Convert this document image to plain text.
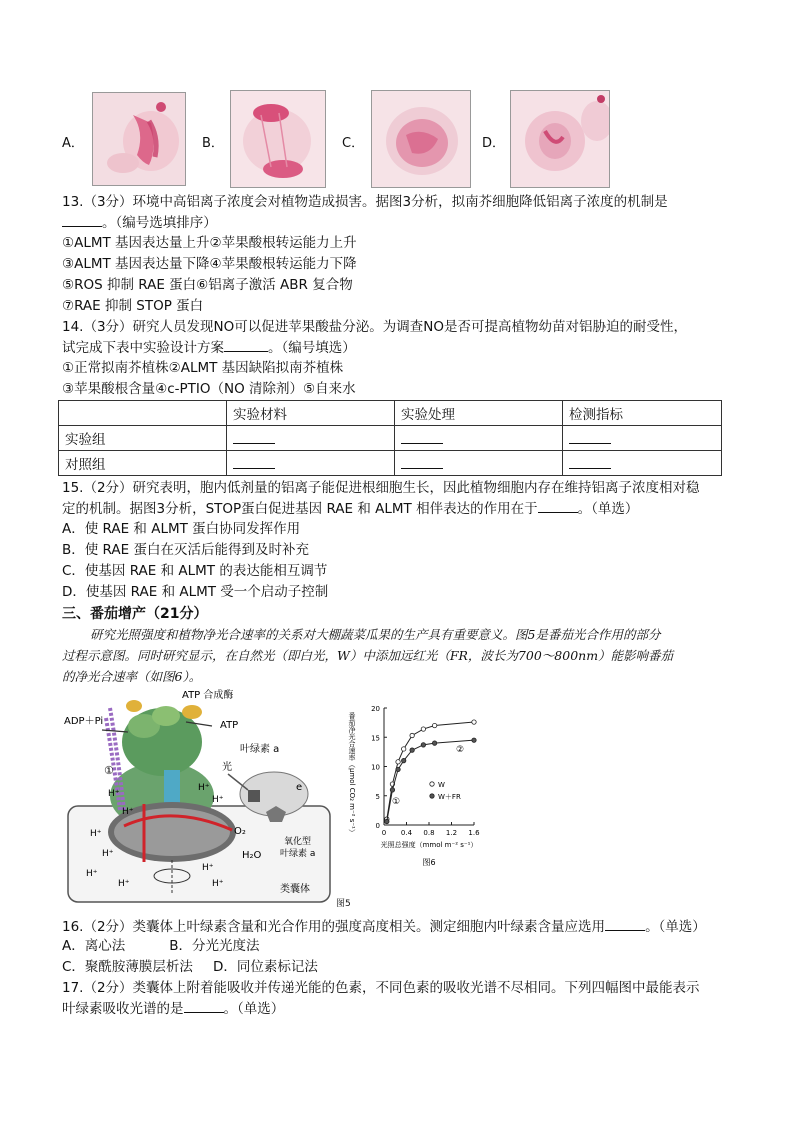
A．	B．	C．	D．
13.（3分）环境中高铝离子浓度会对植物造成损害。据图3分析，拟南芥细胞降低铝离子浓度的机制是
。（编号选填排序）
①ALMT 基因表达量上升②苹果酸根转运能力上升
③ALMT 基因表达量下降④苹果酸根转运能力下降
⑤ROS 抑制 RAE 蛋白⑥铝离子激活 ABR 复合物
⑦RAE 抑制 STOP 蛋白
14.（3分）研究人员发现NO可以促进苹果酸盐分泌。为调查NO是否可提高植物幼苗对铝胁迫的耐受性，
试完成下表中实验设计方案	。（编号填选）
①正常拟南芥植株②ALMT 基因缺陷拟南芥植株
③苹果酸根含量④c-PTIO（NO 清除剂）⑤自来水
	实验材料	实验处理	检测指标
实验组			
对照组			
15.（2分）研究表明，胞内低剂量的铝离子能促进根细胞生长，因此植物细胞内存在维持铝离子浓度相对稳
定的机制。据图3分析，STOP蛋白促进基因 RAE 和 ALMT 相伴表达的作用在于	。（单选）
A．使 RAE 和 ALMT 蛋白协同发挥作用
B．使 RAE 蛋白在灭活后能得到及时补充
C．使基因 RAE 和 ALMT 的表达能相互调节
D．使基因 RAE 和 ALMT 受一个启动子控制
三、番茄增产（21分）
研究光照强度和植物净光合速率的关系对大棚蔬菜瓜果的生产具有重要意义。图5是番茄光合作用的部分
过程示意图。同时研究显示，在自然光（即白光，W）中添加远红光（FR，波长为700～800nm）能影响番茄
的净光合速率（如图6）。
ATP 合成酶
ADP＋Pi	ATP
①	光
叶绿素 a
e
O₂
H₂O
氧化型
叶绿素 a
类囊体
H⁺
H⁺
H⁺
H⁺
H⁺
H⁺
H⁺
H⁺
H⁺
H⁺
图5
0 0.4 0.8 1.2 1.6
0
5
10
15
20
W
W＋FR
①
②
番茄净光合速率（μmol CO₂ m⁻² s⁻¹）
光照总强度（mmol m⁻² s⁻¹）
图6
16.（2分）类囊体上叶绿素含量和光合作用的强度高度相关。测定细胞内叶绿素含量应选用	。（单选）
A．离心法	B．分光光度法
C．聚酰胺薄膜层析法 D．同位素标记法
17.（2分）类囊体上附着能吸收并传递光能的色素，不同色素的吸收光谱不尽相同。下列四幅图中最能表示
叶绿素吸收光谱的是	。（单选）
